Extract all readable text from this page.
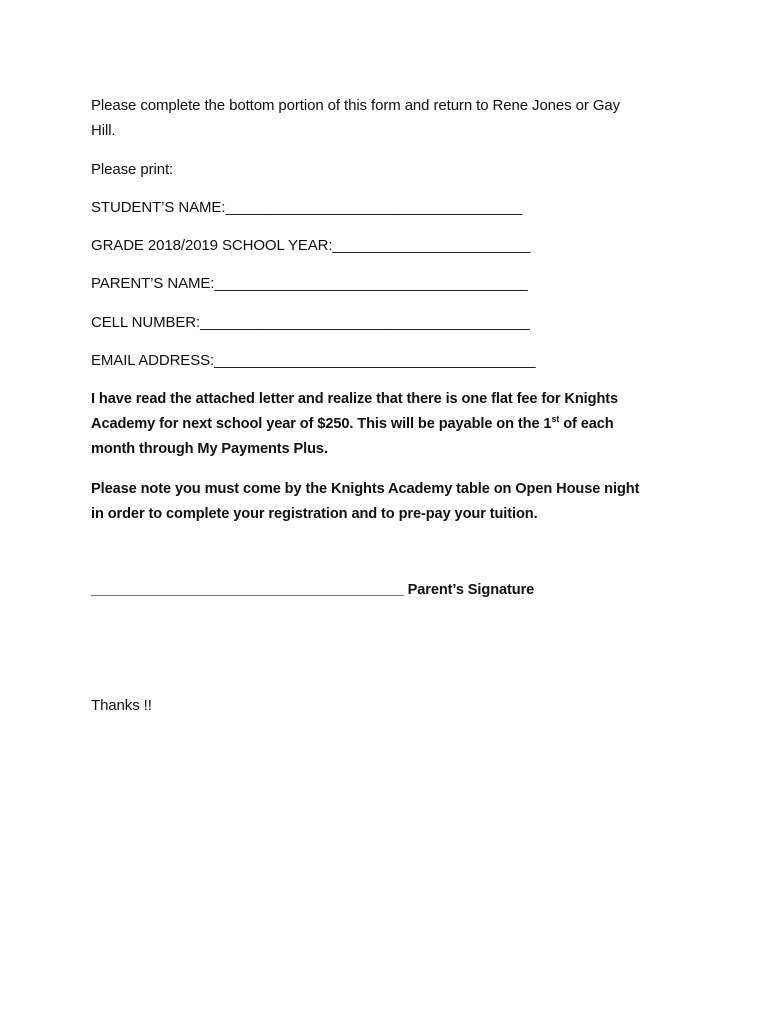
Please complete the bottom portion of this form and return to Rene Jones or Gay
Hill.
Please print:
STUDENT’S NAME:____________________________________
GRADE 2018/2019 SCHOOL YEAR:________________________
PARENT’S NAME:______________________________________
CELL NUMBER:________________________________________
EMAIL ADDRESS:_______________________________________
I have read the attached letter and realize that there is one flat fee for Knights
Academy for next school year of $250. This will be payable on the 1st of each
month through My Payments Plus.
Please note you must come by the Knights Academy table on Open House night
in order to complete your registration and to pre-pay your tuition.
_______________________________________ Parent’s Signature
Thanks !!
